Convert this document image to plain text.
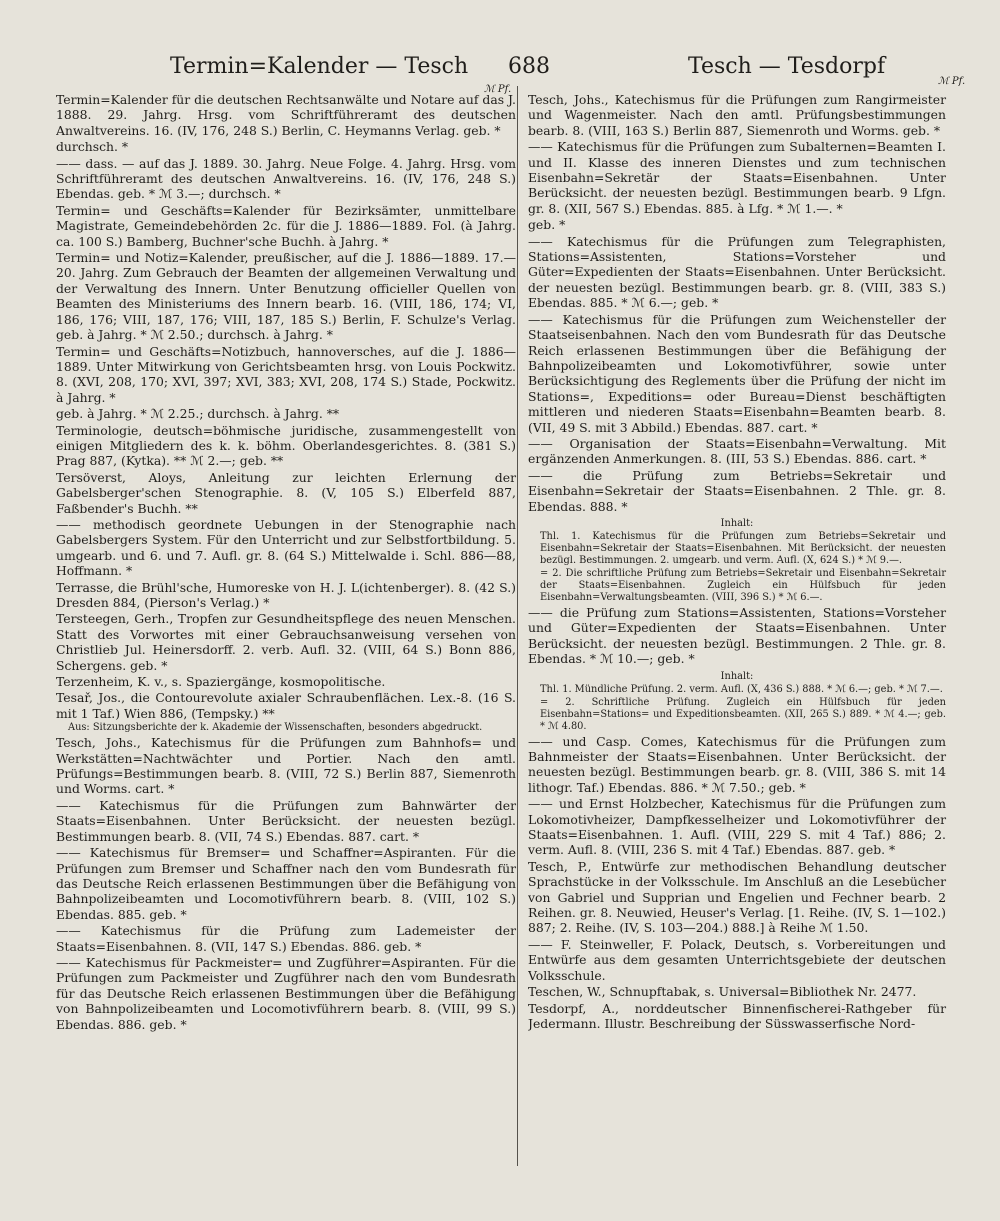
Termin=Kalender — Tesch 688	Tesch — Tesdorpf
ℳ Pf.
ℳ Pf.
Termin=Kalender für die deutschen Rechtsanwälte und Notare auf das J. 1888. 29. Jahrg. Hrsg. vom Schriftführeramt des deutschen Anwaltvereins. 16. (IV, 176, 248 S.) Berlin, C. Heymanns Verlag. geb. *
durchsch. *
—— dass. — auf das J. 1889. 30. Jahrg. Neue Folge. 4. Jahrg. Hrsg. vom Schriftführeramt des deutschen Anwaltvereins. 16. (IV, 176, 248 S.) Ebendas. geb. * ℳ 3.—; durchsch. *
Termin= und Geschäfts=Kalender für Bezirksämter, unmittelbare Magistrate, Gemeindebehörden 2c. für die J. 1886—1889. Fol. (à Jahrg. ca. 100 S.) Bamberg, Buchner'sche Buchh. à Jahrg. *
Termin= und Notiz=Kalender, preußischer, auf die J. 1886—1889. 17.—20. Jahrg. Zum Gebrauch der Beamten der allgemeinen Verwaltung und der Verwaltung des Innern. Unter Benutzung officieller Quellen von Beamten des Ministeriums des Innern bearb. 16. (VIII, 186, 174; VI, 186, 176; VIII, 187, 176; VIII, 187, 185 S.) Berlin, F. Schulze's Verlag. geb. à Jahrg. * ℳ 2.50.; durchsch. à Jahrg. *
Termin= und Geschäfts=Notizbuch, hannoversches, auf die J. 1886—1889. Unter Mitwirkung von Gerichtsbeamten hrsg. von Louis Pockwitz. 8. (XVI, 208, 170; XVI, 397; XVI, 383; XVI, 208, 174 S.) Stade, Pockwitz. à Jahrg. *
geb. à Jahrg. * ℳ 2.25.; durchsch. à Jahrg. **
Terminologie, deutsch=böhmische juridische, zusammengestellt von einigen Mitgliedern des k. k. böhm. Oberlandesgerichtes. 8. (381 S.) Prag 887, (Kytka). ** ℳ 2.—; geb. **
Tersöverst, Aloys, Anleitung zur leichten Erlernung der Gabelsberger'schen Stenographie. 8. (V, 105 S.) Elberfeld 887, Faßbender's Buchh. **
—— methodisch geordnete Uebungen in der Stenographie nach Gabelsbergers System. Für den Unterricht und zur Selbstfortbildung. 5. umgearb. und 6. und 7. Aufl. gr. 8. (64 S.) Mittelwalde i. Schl. 886—88, Hoffmann. *
Terrasse, die Brühl'sche, Humoreske von H. J. L(ichtenberger). 8. (42 S.) Dresden 884, (Pierson's Verlag.) *
Tersteegen, Gerh., Tropfen zur Gesundheitspflege des neuen Menschen. Statt des Vorwortes mit einer Gebrauchsanweisung versehen von Christlieb Jul. Heinersdorff. 2. verb. Aufl. 32. (VIII, 64 S.) Bonn 886, Schergens. geb. *
Terzenheim, K. v., s. Spaziergänge, kosmopolitische.
Tesař, Jos., die Contourevolute axialer Schraubenflächen. Lex.-8. (16 S. mit 1 Taf.) Wien 886, (Tempsky.) **
Aus: Sitzungsberichte der k. Akademie der Wissenschaften, besonders abgedruckt.
Tesch, Johs., Katechismus für die Prüfungen zum Bahnhofs= und Werkstätten=Nachtwächter und Portier. Nach den amtl. Prüfungs=Bestimmungen bearb. 8. (VIII, 72 S.) Berlin 887, Siemenroth und Worms. cart. *
—— Katechismus für die Prüfungen zum Bahnwärter der Staats=Eisenbahnen. Unter Berücksicht. der neuesten bezügl. Bestimmungen bearb. 8. (VII, 74 S.) Ebendas. 887. cart. *
—— Katechismus für Bremser= und Schaffner=Aspiranten. Für die Prüfungen zum Bremser und Schaffner nach den vom Bundesrath für das Deutsche Reich erlassenen Bestimmungen über die Befähigung von Bahnpolizeibeamten und Locomotivführern bearb. 8. (VIII, 102 S.) Ebendas. 885. geb. *
—— Katechismus für die Prüfung zum Lademeister der Staats=Eisenbahnen. 8. (VII, 147 S.) Ebendas. 886. geb. *
—— Katechismus für Packmeister= und Zugführer=Aspiranten. Für die Prüfungen zum Packmeister und Zugführer nach den vom Bundesrath für das Deutsche Reich erlassenen Bestimmungen über die Befähigung von Bahnpolizeibeamten und Locomotivführern bearb. 8. (VIII, 99 S.) Ebendas. 886. geb. *
Tesch, Johs., Katechismus für die Prüfungen zum Rangirmeister und Wagenmeister. Nach den amtl. Prüfungsbestimmungen bearb. 8. (VIII, 163 S.) Berlin 887, Siemenroth und Worms. geb. *
—— Katechismus für die Prüfungen zum Subalternen=Beamten I. und II. Klasse des inneren Dienstes und zum technischen Eisenbahn=Sekretär der Staats=Eisenbahnen. Unter Berücksicht. der neuesten bezügl. Bestimmungen bearb. 9 Lfgn. gr. 8. (XII, 567 S.) Ebendas. 885. à Lfg. * ℳ 1.—. *
geb. *
—— Katechismus für die Prüfungen zum Telegraphisten, Stations=Assistenten, Stations=Vorsteher und Güter=Expedienten der Staats=Eisenbahnen. Unter Berücksicht. der neuesten bezügl. Bestimmungen bearb. gr. 8. (VIII, 383 S.) Ebendas. 885. * ℳ 6.—; geb. *
—— Katechismus für die Prüfungen zum Weichensteller der Staatseisenbahnen. Nach den vom Bundesrath für das Deutsche Reich erlassenen Bestimmungen über die Befähigung der Bahnpolizeibeamten und Lokomotivführer, sowie unter Berücksichtigung des Reglements über die Prüfung der nicht im Stations=, Expeditions= oder Bureau=Dienst beschäftigten mittleren und niederen Staats=Eisenbahn=Beamten bearb. 8. (VII, 49 S. mit 3 Abbild.) Ebendas. 887. cart. *
—— Organisation der Staats=Eisenbahn=Verwaltung. Mit ergänzenden Anmerkungen. 8. (III, 53 S.) Ebendas. 886. cart. *
—— die Prüfung zum Betriebs=Sekretair und Eisenbahn=Sekretair der Staats=Eisenbahnen. 2 Thle. gr. 8. Ebendas. 888. *
Inhalt:
Thl. 1. Katechismus für die Prüfungen zum Betriebs=Sekretair und Eisenbahn=Sekretair der Staats=Eisenbahnen. Mit Berücksicht. der neuesten bezügl. Bestimmungen. 2. umgearb. und verm. Aufl. (X, 624 S.) * ℳ 9.—.
= 2. Die schriftliche Prüfung zum Betriebs=Sekretair und Eisenbahn=Sekretair der Staats=Eisenbahnen. Zugleich ein Hülfsbuch für jeden Eisenbahn=Verwaltungsbeamten. (VIII, 396 S.) * ℳ 6.—.
—— die Prüfung zum Stations=Assistenten, Stations=Vorsteher und Güter=Expedienten der Staats=Eisenbahnen. Unter Berücksicht. der neuesten bezügl. Bestimmungen. 2 Thle. gr. 8. Ebendas. * ℳ 10.—; geb. *
Inhalt:
Thl. 1. Mündliche Prüfung. 2. verm. Aufl. (X, 436 S.) 888. * ℳ 6.—; geb. * ℳ 7.—.
= 2. Schriftliche Prüfung. Zugleich ein Hülfsbuch für jeden Eisenbahn=Stations= und Expeditionsbeamten. (XII, 265 S.) 889. * ℳ 4.—; geb. * ℳ 4.80.
—— und Casp. Comes, Katechismus für die Prüfungen zum Bahnmeister der Staats=Eisenbahnen. Unter Berücksicht. der neuesten bezügl. Bestimmungen bearb. gr. 8. (VIII, 386 S. mit 14 lithogr. Taf.) Ebendas. 886. * ℳ 7.50.; geb. *
—— und Ernst Holzbecher, Katechismus für die Prüfungen zum Lokomotivheizer, Dampfkesselheizer und Lokomotivführer der Staats=Eisenbahnen. 1. Aufl. (VIII, 229 S. mit 4 Taf.) 886; 2. verm. Aufl. 8. (VIII, 236 S. mit 4 Taf.) Ebendas. 887. geb. *
Tesch, P., Entwürfe zur methodischen Behandlung deutscher Sprachstücke in der Volksschule. Im Anschluß an die Lesebücher von Gabriel und Supprian und Engelien und Fechner bearb. 2 Reihen. gr. 8. Neuwied, Heuser's Verlag. [1. Reihe. (IV, S. 1—102.) 887; 2. Reihe. (IV, S. 103—204.) 888.] à Reihe ℳ 1.50.
—— F. Steinweller, F. Polack, Deutsch, s. Vorbereitungen und Entwürfe aus dem gesamten Unterrichtsgebiete der deutschen Volksschule.
Teschen, W., Schnupftabak, s. Universal=Bibliothek Nr. 2477.
Tesdorpf, A., norddeutscher Binnenfischerei-Rathgeber für Jedermann. Illustr. Beschreibung der Süsswasserfische Nord-
